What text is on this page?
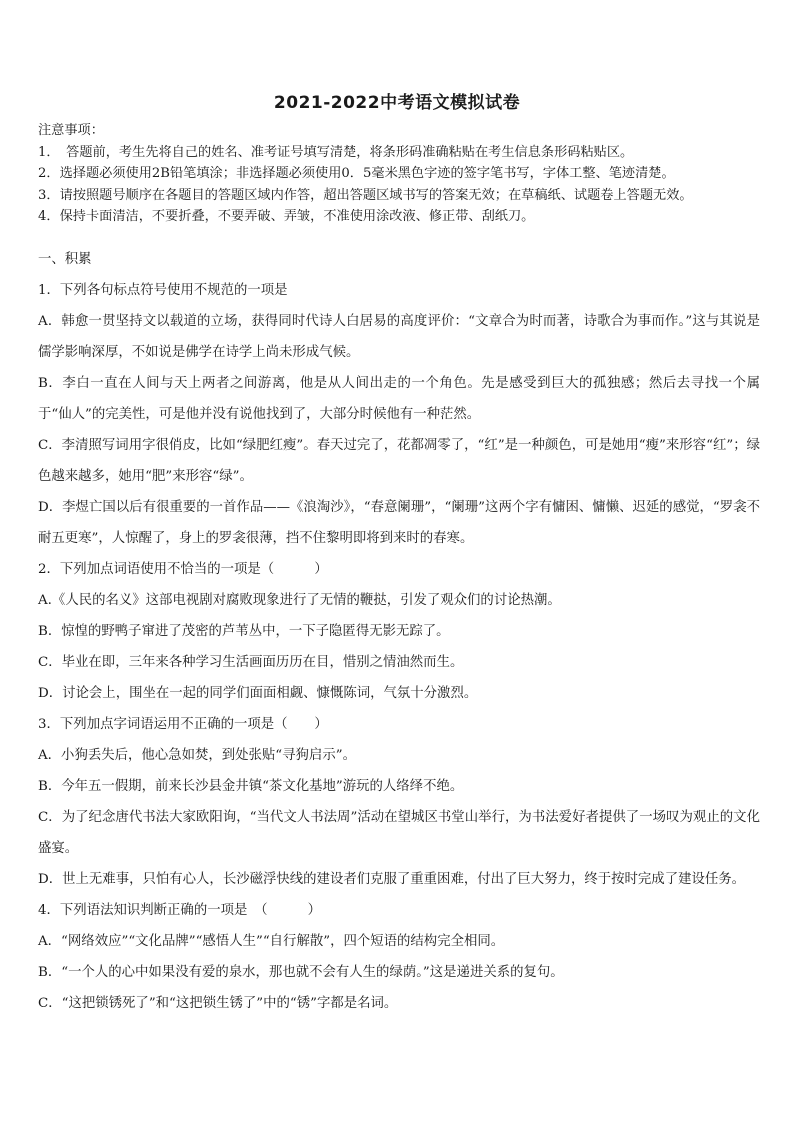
2021-2022中考语文模拟试卷
注意事项：
1．　答题前，考生先将自己的姓名、准考证号填写清楚，将条形码准确粘贴在考生信息条形码粘贴区。
2．选择题必须使用2B铅笔填涂；非选择题必须使用0．5毫米黑色字迹的签字笔书写，字体工整、笔迹清楚。
3．请按照题号顺序在各题目的答题区域内作答，超出答题区域书写的答案无效；在草稿纸、试题卷上答题无效。
4．保持卡面清洁，不要折叠，不要弄破、弄皱，不准使用涂改液、修正带、刮纸刀。

一、积累

1．下列各句标点符号使用不规范的一项是

A．韩愈一贯坚持文以载道的立场，获得同时代诗人白居易的高度评价：“文章合为时而著，诗歌合为事而作。”这与其说是儒学影响深厚，不如说是佛学在诗学上尚未形成气候。

B．李白一直在人间与天上两者之间游离，他是从人间出走的一个角色。先是感受到巨大的孤独感；然后去寻找一个属于“仙人”的完美性，可是他并没有说他找到了，大部分时候他有一种茫然。

C．李清照写词用字很俏皮，比如“绿肥红瘦”。春天过完了，花都凋零了，“红”是一种颜色，可是她用“瘦”来形容“红”；绿色越来越多，她用“肥”来形容“绿”。

D．李煜亡国以后有很重要的一首作品——《浪淘沙》，“春意阑珊”，“阑珊”这两个字有慵困、慵懒、迟延的感觉，“罗衾不耐五更寒”，人惊醒了，身上的罗衾很薄，挡不住黎明即将到来时的春寒。

2．下列加点词语使用不恰当的一项是（　　　）

A.《人民的名义》这部电视剧对腐败现象进行了无情的鞭挞，引发了观众们的讨论热潮。

B．惊惶的野鸭子窜进了茂密的芦苇丛中，一下子隐匿得无影无踪了。

C．毕业在即，三年来各种学习生活画面历历在目，惜别之情油然而生。

D．讨论会上，围坐在一起的同学们面面相觑、慷慨陈词，气氛十分激烈。

3．下列加点字词语运用不正确的一项是（　　）

A．小狗丢失后，他心急如焚，到处张贴“寻狗启示”。

B．今年五一假期，前来长沙县金井镇“茶文化基地”游玩的人络绎不绝。

C．为了纪念唐代书法大家欧阳询，“当代文人书法周”活动在望城区书堂山举行，为书法爱好者提供了一场叹为观止的文化盛宴。

D．世上无难事，只怕有心人，长沙磁浮快线的建设者们克服了重重困难，付出了巨大努力，终于按时完成了建设任务。

4．下列语法知识判断正确的一项是　（　　　）

A．“网络效应”“文化品牌”“感悟人生”“自行解散”，四个短语的结构完全相同。

B．“一个人的心中如果没有爱的泉水，那也就不会有人生的绿荫。”这是递进关系的复句。

C．“这把锁锈死了”和“这把锁生锈了”中的“锈”字都是名词。
